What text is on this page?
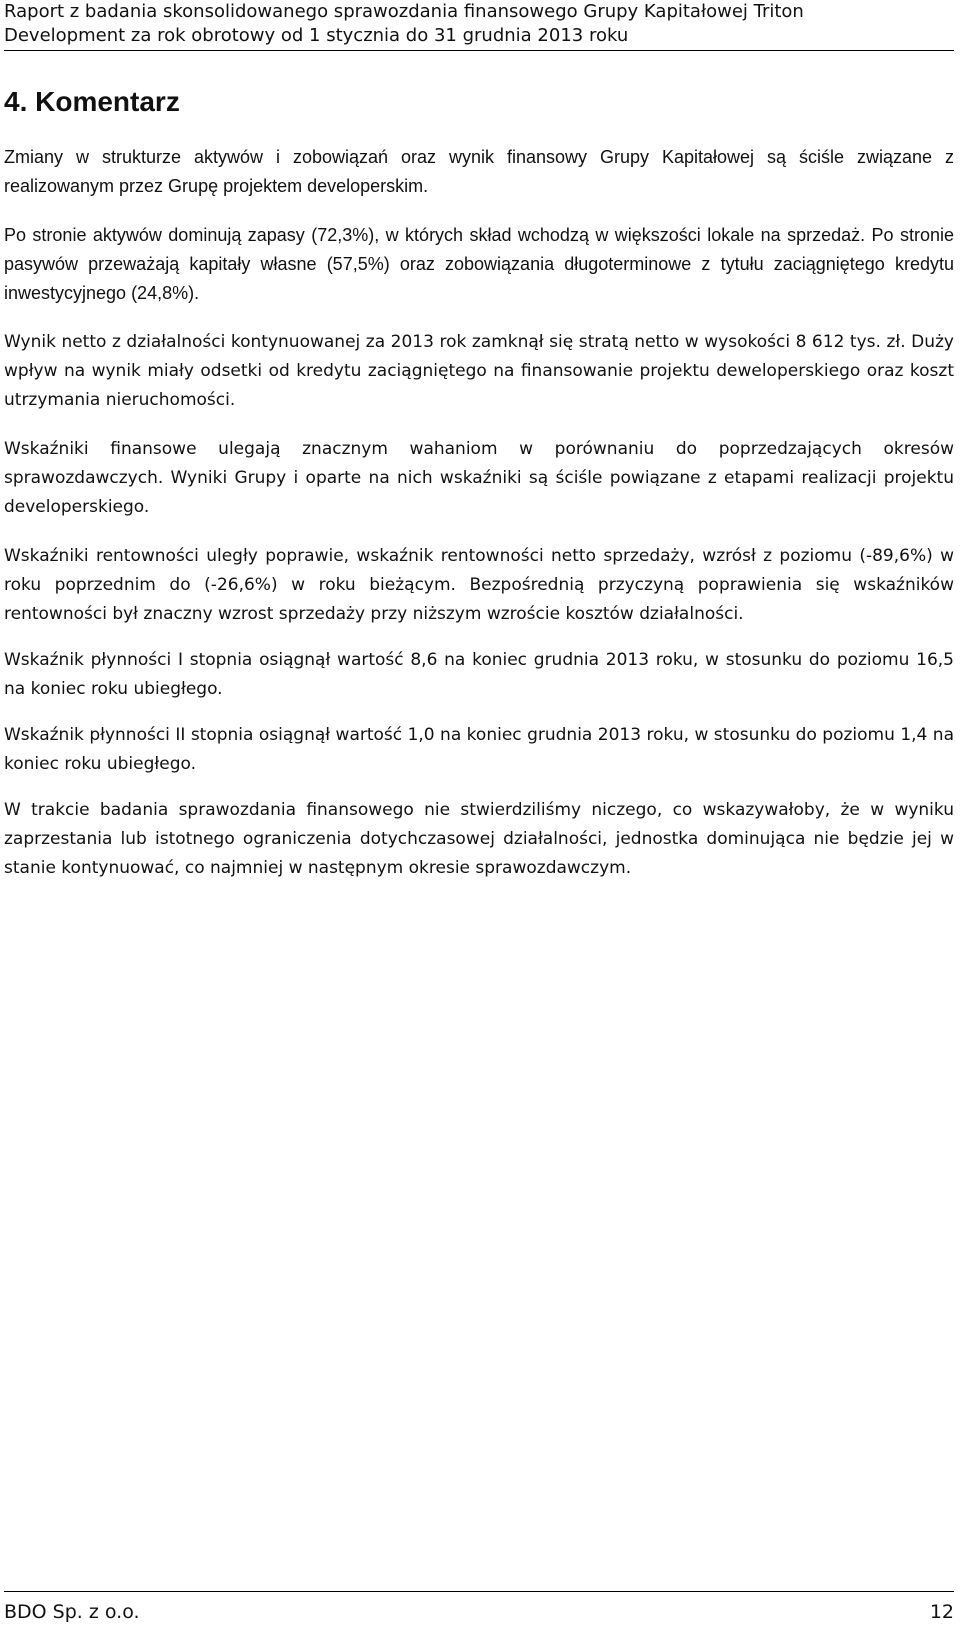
Raport z badania skonsolidowanego sprawozdania finansowego Grupy Kapitałowej Triton
Development za rok obrotowy od 1 stycznia do 31 grudnia 2013 roku
4. Komentarz

Zmiany w strukturze aktywów i zobowiązań oraz wynik finansowy Grupy Kapitałowej są ściśle związane z realizowanym przez Grupę projektem developerskim.

Po stronie aktywów dominują zapasy (72,3%), w których skład wchodzą w większości lokale na sprzedaż. Po stronie pasywów przeważają kapitały własne (57,5%) oraz zobowiązania długoterminowe z tytułu zaciągniętego kredytu inwestycyjnego (24,8%).

Wynik netto z działalności kontynuowanej za 2013 rok zamknął się stratą netto w wysokości 8 612 tys. zł. Duży wpływ na wynik miały odsetki od kredytu zaciągniętego na finansowanie projektu deweloperskiego oraz koszt utrzymania nieruchomości.

Wskaźniki finansowe ulegają znacznym wahaniom w porównaniu do poprzedzających okresów sprawozdawczych. Wyniki Grupy i oparte na nich wskaźniki są ściśle powiązane z etapami realizacji projektu developerskiego.

Wskaźniki rentowności uległy poprawie, wskaźnik rentowności netto sprzedaży, wzrósł z poziomu (-89,6%) w roku poprzednim do (-26,6%) w roku bieżącym. Bezpośrednią przyczyną poprawienia się wskaźników rentowności był znaczny wzrost sprzedaży przy niższym wzroście kosztów działalności.

Wskaźnik płynności I stopnia osiągnął wartość 8,6 na koniec grudnia 2013 roku, w stosunku do poziomu 16,5 na koniec roku ubiegłego.

Wskaźnik płynności II stopnia osiągnął wartość 1,0 na koniec grudnia 2013 roku, w stosunku do poziomu 1,4 na koniec roku ubiegłego.

W trakcie badania sprawozdania finansowego nie stwierdziliśmy niczego, co wskazywałoby, że w wyniku zaprzestania lub istotnego ograniczenia dotychczasowej działalności, jednostka dominująca nie będzie jej w stanie kontynuować, co najmniej w następnym okresie sprawozdawczym.

BDO Sp. z o.o.	12
